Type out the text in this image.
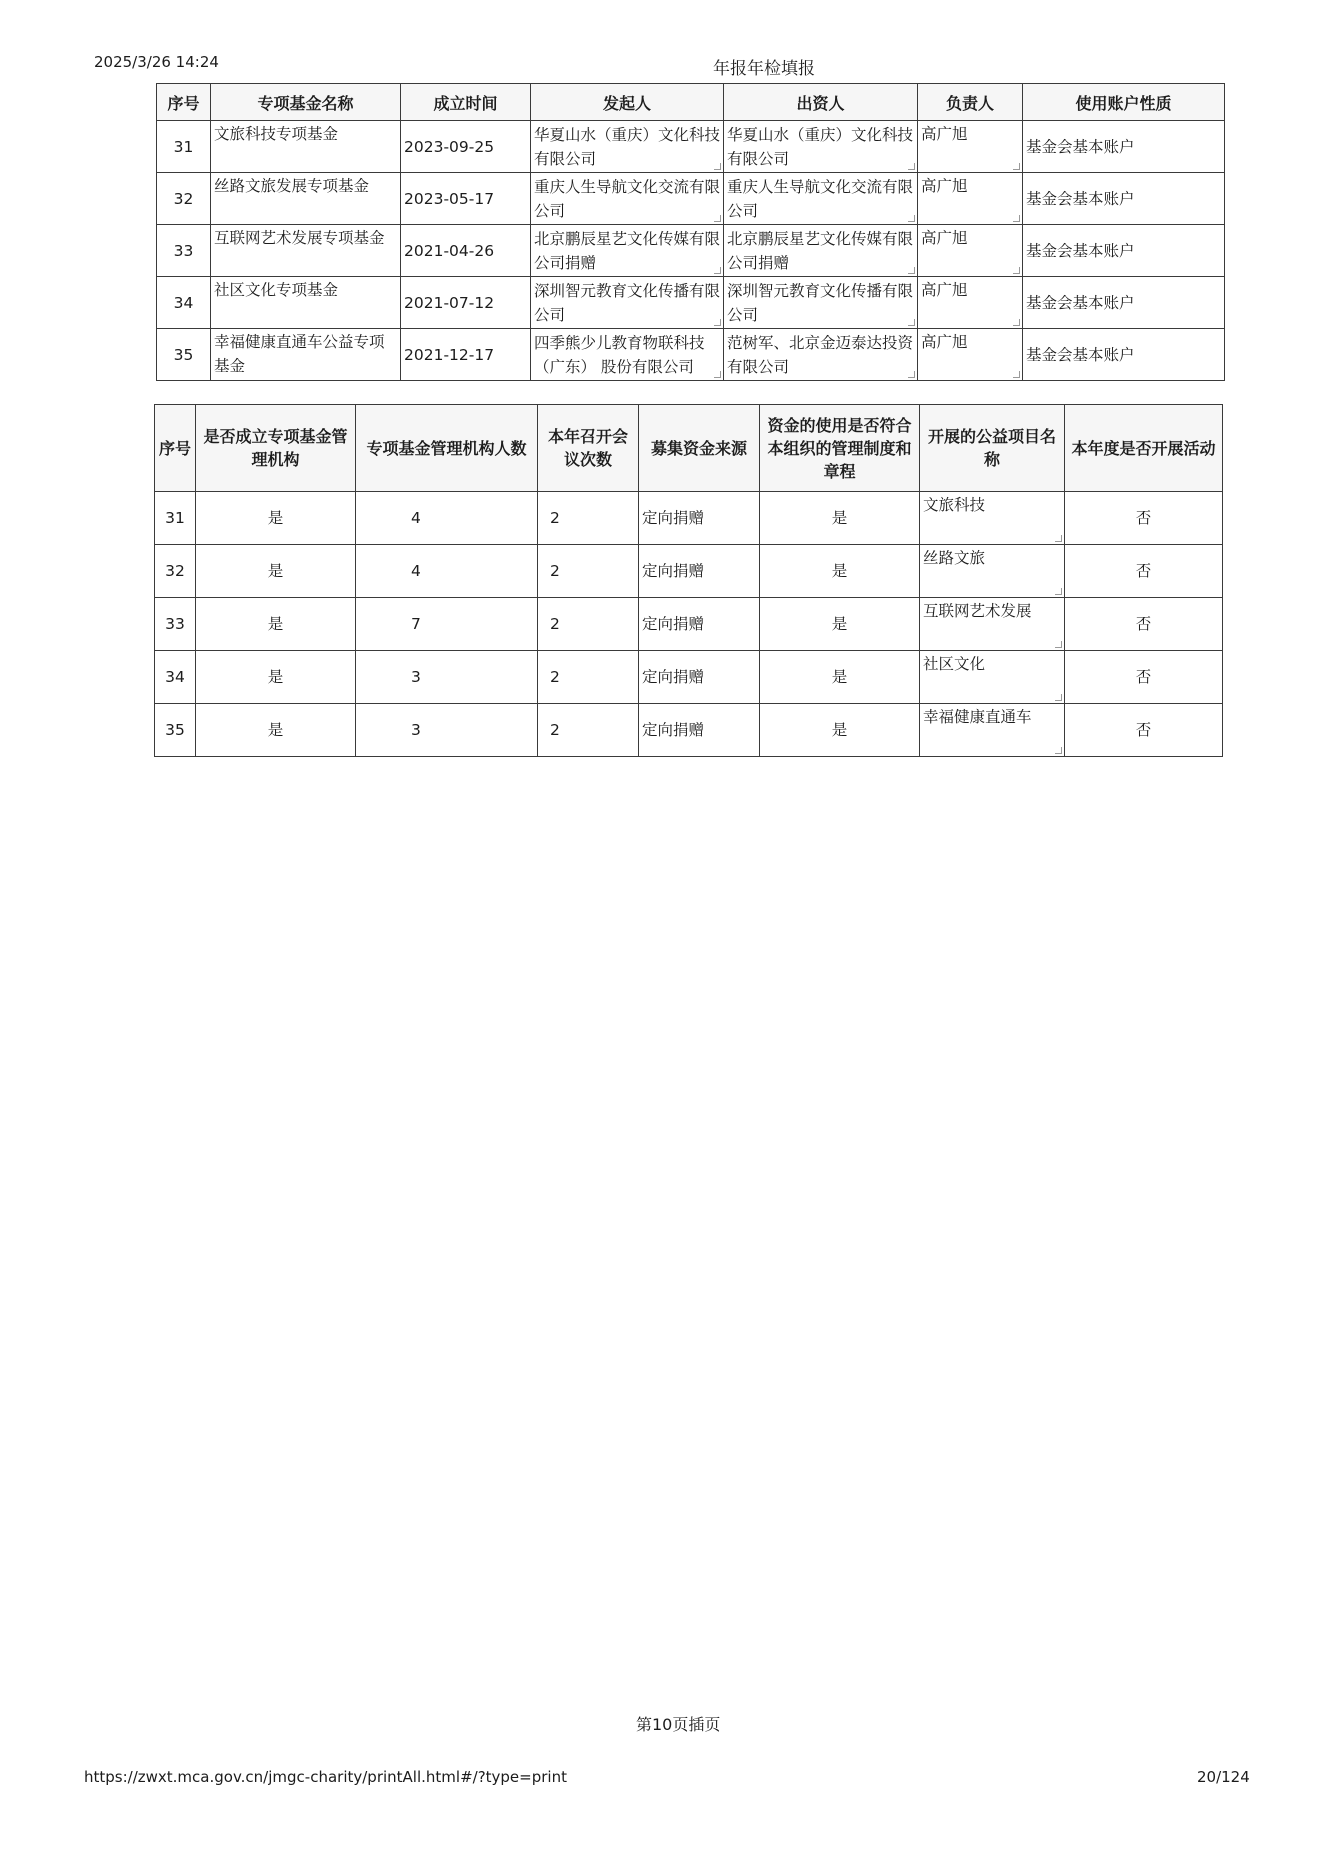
2025/3/26 14:24	年报年检填报
序号	专项基金名称	成立时间	发起人	出资人	负责人	使用账户性质
31	文旅科技专项基金	2023-09-25	华夏山水（重庆）文化科技有限公司	华夏山水（重庆）文化科技有限公司	高广旭	基金会基本账户
32	丝路文旅发展专项基金	2023-05-17	重庆人生导航文化交流有限公司	重庆人生导航文化交流有限公司	高广旭	基金会基本账户
33	互联网艺术发展专项基金	2021-04-26	北京鹏辰星艺文化传媒有限公司捐赠	北京鹏辰星艺文化传媒有限公司捐赠	高广旭	基金会基本账户
34	社区文化专项基金	2021-07-12	深圳智元教育文化传播有限公司	深圳智元教育文化传播有限公司	高广旭	基金会基本账户
35	幸福健康直通车公益专项基金	2021-12-17	四季熊少儿教育物联科技（广东） 股份有限公司	范树军、北京金迈泰达投资有限公司	高广旭	基金会基本账户
序号	是否成立专项基金管理机构	专项基金管理机构人数	本年召开会议次数	募集资金来源	资金的使用是否符合本组织的管理制度和章程	开展的公益项目名称	本年度是否开展活动
31	是	4	2	定向捐赠	是	文旅科技	否
32	是	4	2	定向捐赠	是	丝路文旅	否
33	是	7	2	定向捐赠	是	互联网艺术发展	否
34	是	3	2	定向捐赠	是	社区文化	否
35	是	3	2	定向捐赠	是	幸福健康直通车	否
第10页插页
https://zwxt.mca.gov.cn/jmgc-charity/printAll.html#/?type=print	20/124
